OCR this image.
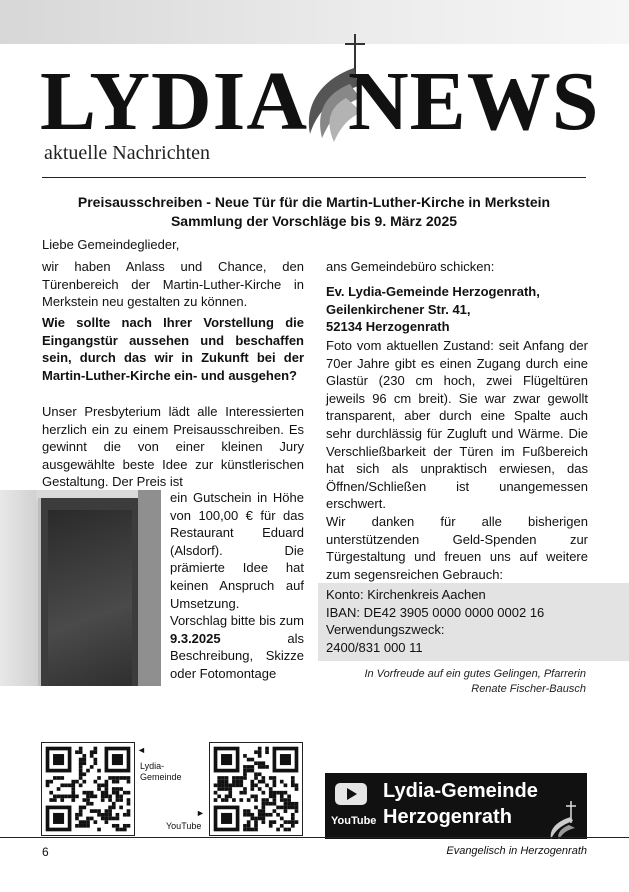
LYDIA NEWS
aktuelle Nachrichten
Preisausschreiben - Neue Tür für die Martin-Luther-Kirche in Merkstein
Sammlung der Vorschläge bis 9. März 2025
Liebe Gemeindeglieder,
wir haben Anlass und Chance, den Türenbereich der Martin-Luther-Kirche in Merkstein neu gestalten zu können.
Wie sollte nach Ihrer Vorstellung die Eingangstür aussehen und beschaffen sein, durch das wir in Zukunft bei der Martin-Luther-Kirche ein- und ausgehen?
Unser Presbyterium lädt alle Interessierten herzlich ein zu einem Preisausschreiben. Es gewinnt die von einer kleinen Jury ausgewählte beste Idee zur künstlerischen Gestaltung. Der Preis ist
ein Gutschein in Höhe von 100,00 € für das Restaurant Eduard (Alsdorf). Die prämierte Idee hat keinen Anspruch auf Umsetzung.
Vorschlag bitte bis zum 9.3.2025 als Beschreibung, Skizze oder Fotomontage
ans Gemeindebüro schicken:
Ev. Lydia-Gemeinde Herzogenrath,
Geilenkirchener Str. 41,
52134 Herzogenrath
Foto vom aktuellen Zustand: seit Anfang der 70er Jahre gibt es einen Zugang durch eine Glastür (230 cm hoch, zwei Flügeltüren jeweils 96 cm breit). Sie war zwar gewollt transparent, aber durch eine Spalte auch sehr durchlässig für Zugluft und Wärme. Die Verschließbarkeit der Türen im Fußbereich hat sich als unpraktisch erwiesen, das Öffnen/Schließen ist unangemessen erschwert.
Wir danken für alle bisherigen unterstützenden Geld-Spenden zur Türgestaltung und freuen uns auf weitere zum segensreichen Gebrauch:
Konto: Kirchenkreis Aachen
IBAN: DE42 3905 0000 0000 0002 16
Verwendungszweck:
2400/831 000 11
In Vorfreude auf ein gutes Gelingen, Pfarrerin
Renate Fischer-Bausch
◄
Lydia-
Gemeinde
►
YouTube	YouTube
Lydia-Gemeinde
Herzogenrath
6	Evangelisch in Herzogenrath
